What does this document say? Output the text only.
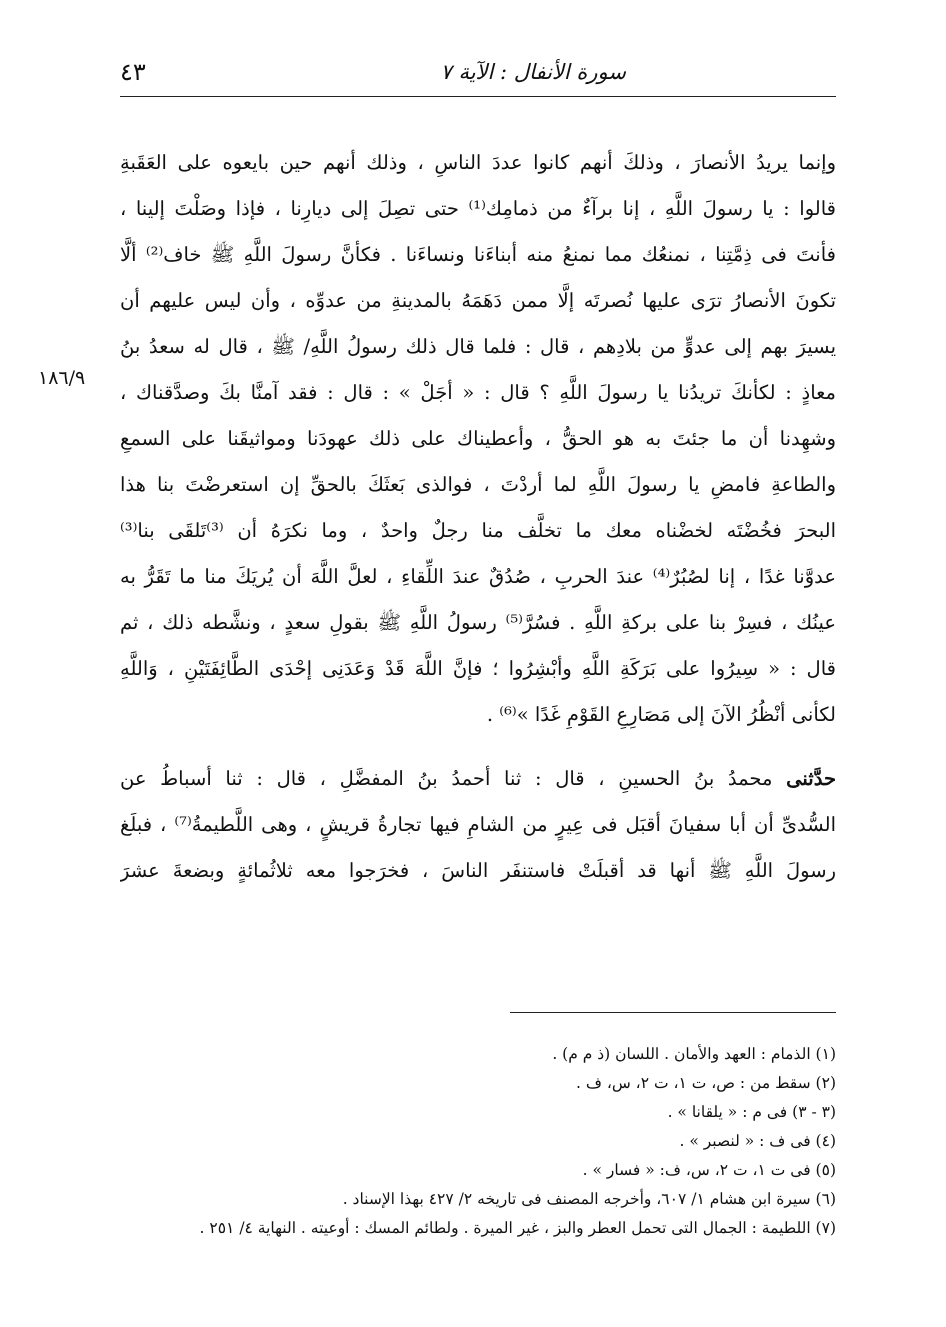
سورة الأنفال : الآية ٧
٤٣
١٨٦/٩
وإنما يريدُ الأنصارَ ، وذلكَ أنهم كانوا عددَ الناسِ ، وذلك أنهم حين بايعوه على العَقَبةِ
قالوا : يا رسولَ اللَّهِ ، إنا برآءٌ من ذمامِك⁽¹⁾ حتى تصِلَ إلى ديارِنا ، فإذا وصَلْتَ إلينا ،
فأنتَ فى ذِمَّتِنا ، نمنعُك مما نمنعُ منه أبناءَنا ونساءَنا . فكأنَّ رسولَ اللَّهِ ﷺ خاف⁽²⁾ ألَّا
تكونَ الأنصارُ ترَى عليها نُصرتَه إلَّا ممن دَهَمَهُ بالمدينةِ من عدوِّه ، وأن ليس عليهم أن
يسيرَ بهم إلى عدوٍّ من بلادِهم ، قال : فلما قال ذلك رسولُ اللَّهِ/ ﷺ ، قال له سعدُ بنُ
معاذٍ : لكأنكَ تريدُنا يا رسولَ اللَّهِ ؟ قال : « أجَلْ » : قال : فقد آمنَّا بكَ وصدَّقناك ،
وشهِدنا أن ما جئتَ به هو الحقُّ ، وأعطيناك على ذلك عهودَنا ومواثيقَنا على السمعِ
والطاعةِ فامضِ يا رسولَ اللَّهِ لما أردْتَ ، فوالذى بَعثَكَ بالحقِّ إن استعرضْتَ بنا هذا
البحرَ فخُضْتَه لخضْناه معك ما تخلَّف منا رجلٌ واحدٌ ، وما نكرَهُ أن ⁽³⁾تَلقَى بنا⁽³⁾
عدوَّنا غدًا ، إنا لصُبُرٌ⁽⁴⁾ عندَ الحربِ ، صُدُقٌ عندَ اللِّقاءِ ، لعلَّ اللَّهَ أن يُريَكَ منا ما تَقَرُّ به
عينُك ، فسِرْ بنا على بركةِ اللَّهِ . فسُرَّ⁽⁵⁾ رسولُ اللَّهِ ﷺ بقولِ سعدٍ ، ونشَّطه ذلك ، ثم
قال : « سِيرُوا على بَرَكَةِ اللَّهِ وأبْشِرُوا ؛ فإنَّ اللَّهَ قَدْ وَعَدَنِى إحْدَى الطَّائِفَتَيْنِ ، وَاللَّهِ
لكأنى أنْظُرُ الآنَ إلى مَصَارِعِ القَوْمِ غَدًا »⁽⁶⁾ .
حدَّثنى محمدُ بنُ الحسينِ ، قال : ثنا أحمدُ بنُ المفضَّلِ ، قال : ثنا أسباطُ عن
السُّدىِّ أن أبا سفيانَ أقبَل فى عِيرٍ من الشامِ فيها تجارةُ قريشٍ ، وهى اللَّطيمةُ⁽⁷⁾ ، فبلَغ
رسولَ اللَّهِ ﷺ أنها قد أقبلَتْ فاستنفَر الناسَ ، فخرَجوا معه ثلاثُمائةٍ وبضعةَ عشرَ
(١) الذمام : العهد والأمان . اللسان (ذ م م) .
(٢) سقط من : ص، ت ١، ت ٢، س، ف .
(٣ - ٣) فى م : « يلقانا » .
(٤) فى ف : « لنصبر » .
(٥) فى ت ١، ت ٢، س، ف: « فسار » .
(٦) سيرة ابن هشام ١/ ٦٠٧، وأخرجه المصنف فى تاريخه ٢/ ٤٢٧ بهذا الإسناد .
(٧) اللطيمة : الجمال التى تحمل العطر والبز ، غير الميرة . ولطائم المسك : أوعيته . النهاية ٤/ ٢٥١ .
